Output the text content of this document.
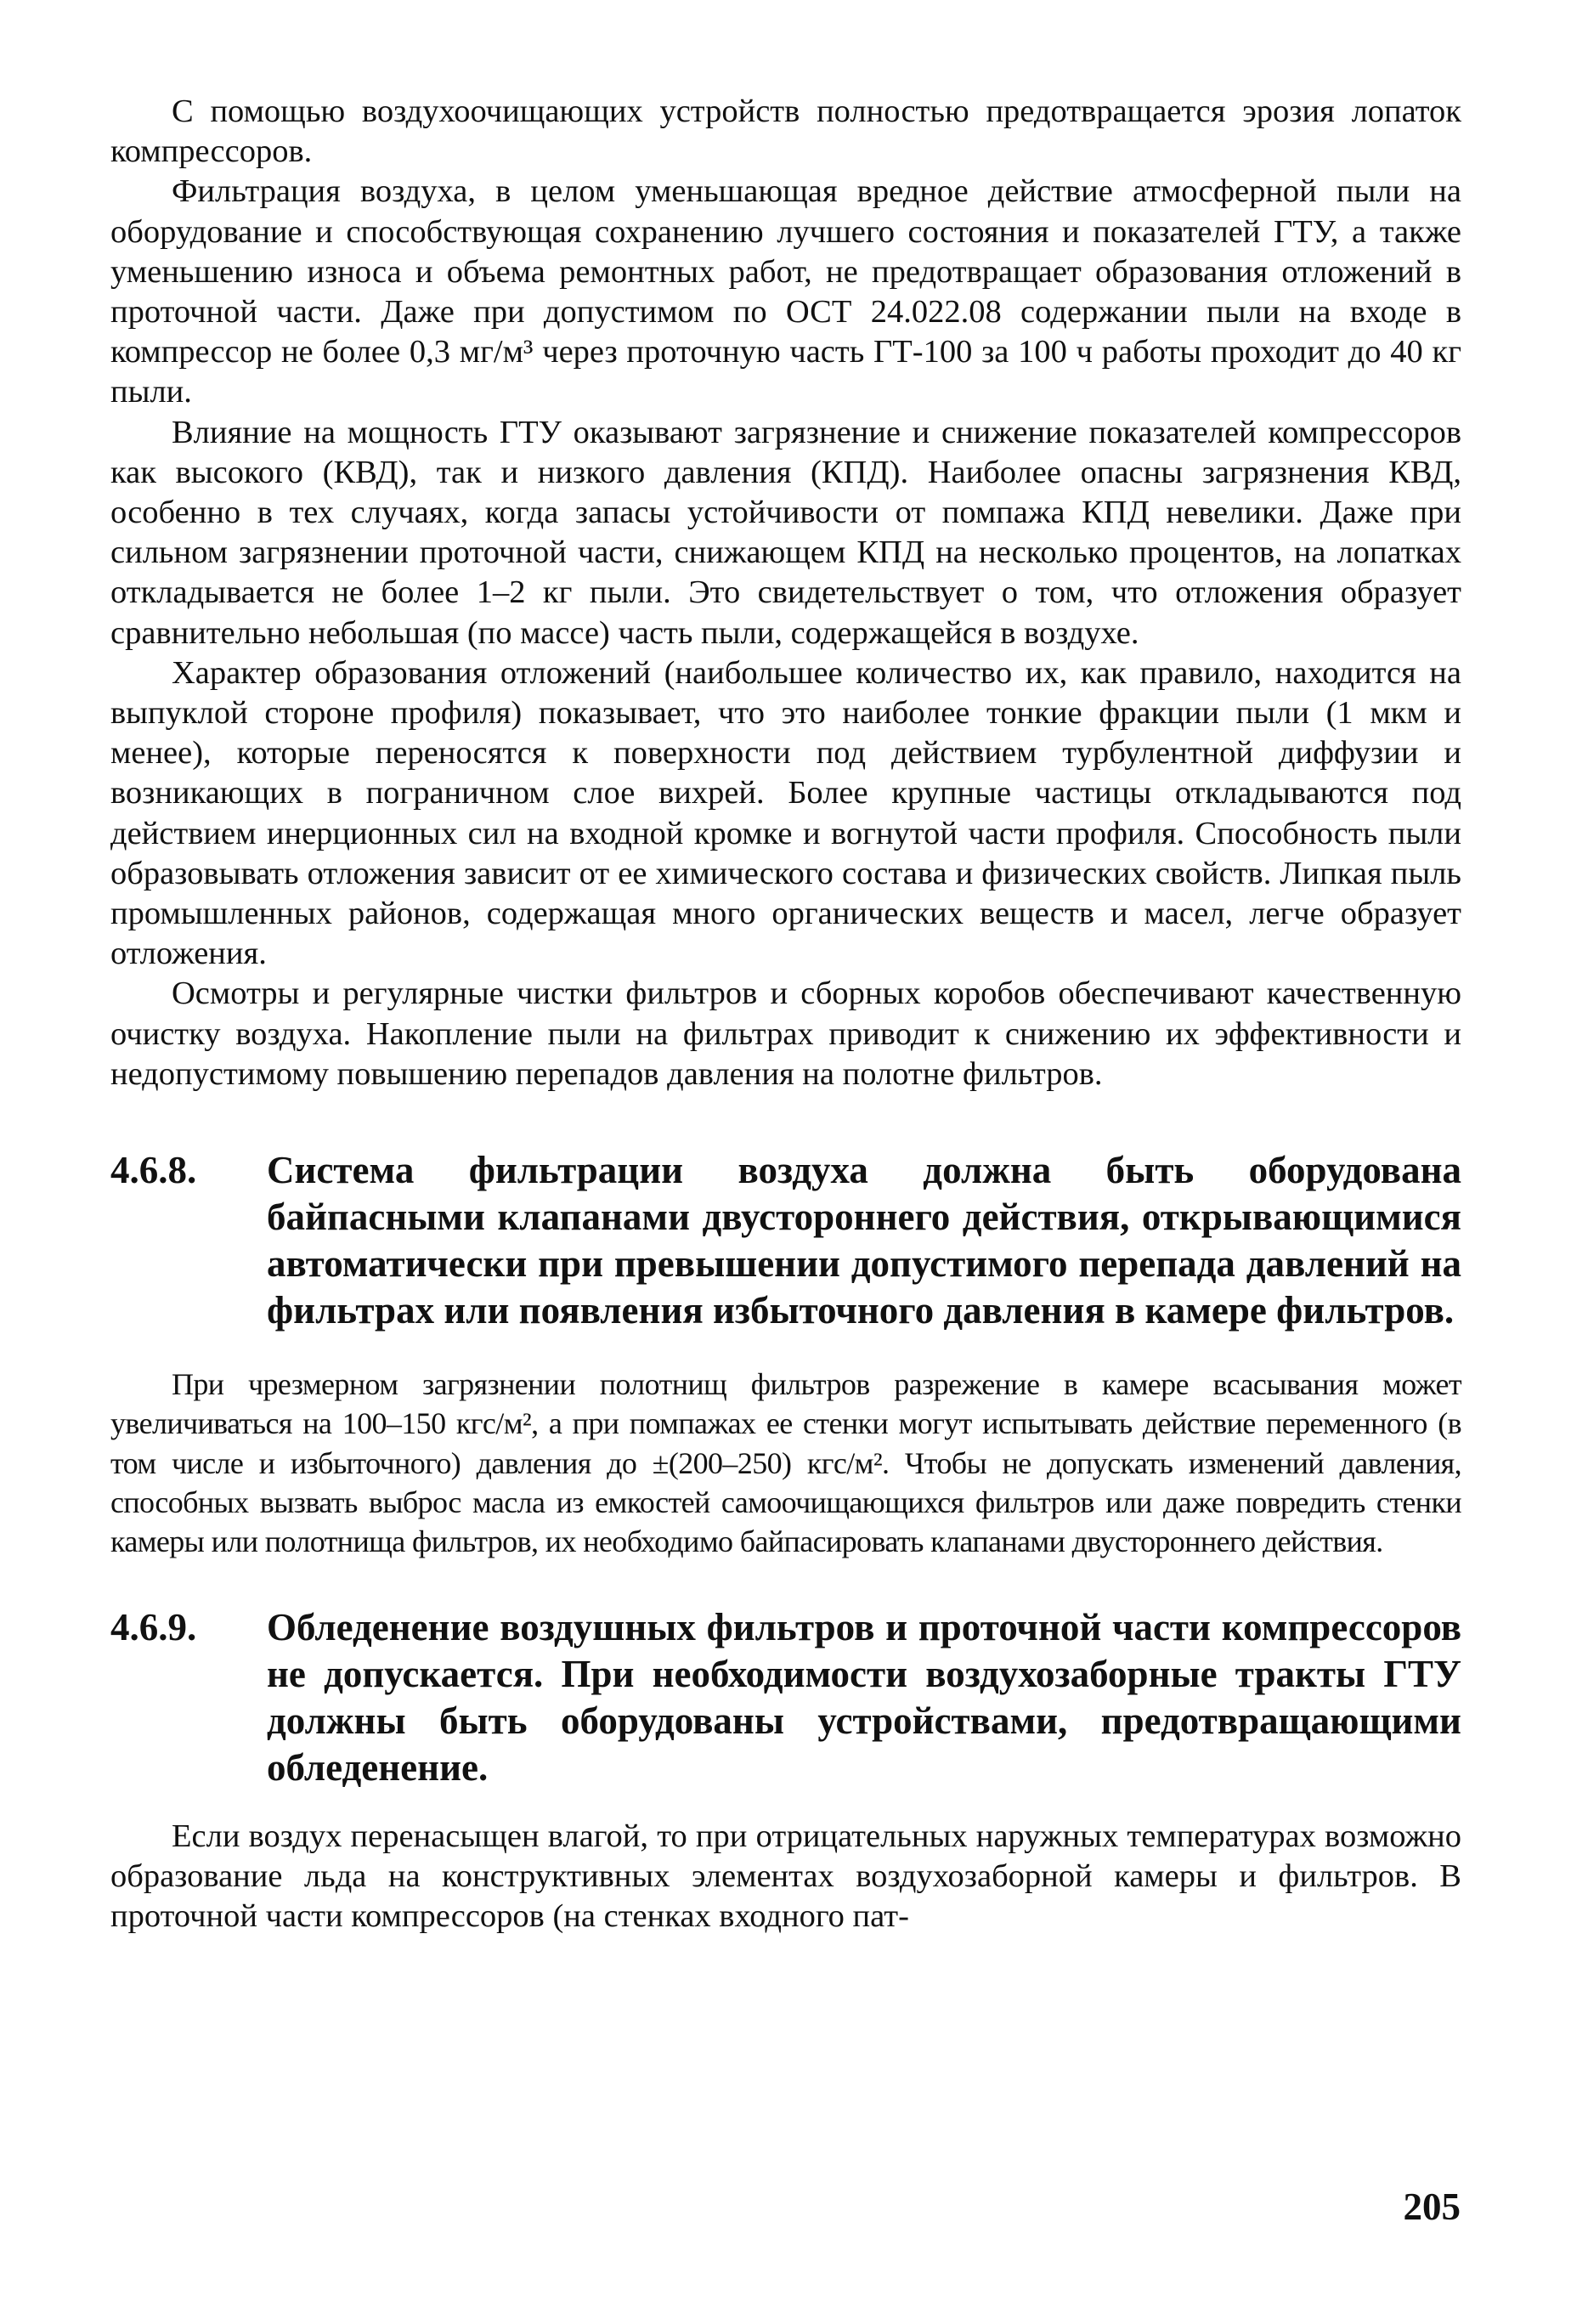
С помощью воздухоочищающих устройств полностью предотвращается эрозия лопаток компрессоров.

Фильтрация воздуха, в целом уменьшающая вредное действие атмосферной пыли на оборудование и способствующая сохранению лучшего состояния и показателей ГТУ, а также уменьшению износа и объема ремонтных работ, не предотвращает образования отложений в проточной части. Даже при допустимом по ОСТ 24.022.08 содержании пыли на входе в компрессор не более 0,3 мг/м³ через проточную часть ГТ-100 за 100 ч работы проходит до 40 кг пыли.

Влияние на мощность ГТУ оказывают загрязнение и снижение показателей компрессоров как высокого (КВД), так и низкого давления (КПД). Наиболее опасны загрязнения КВД, особенно в тех случаях, когда запасы устойчивости от помпажа КПД невелики. Даже при сильном загрязнении проточной части, снижающем КПД на несколько процентов, на лопатках откладывается не более 1–2 кг пыли. Это свидетельствует о том, что отложения образует сравнительно небольшая (по массе) часть пыли, содержащейся в воздухе.

Характер образования отложений (наибольшее количество их, как правило, находится на выпуклой стороне профиля) показывает, что это наиболее тонкие фракции пыли (1 мкм и менее), которые переносятся к поверхности под действием турбулентной диффузии и возникающих в пограничном слое вихрей. Более крупные частицы откладываются под действием инерционных сил на входной кромке и вогнутой части профиля. Способность пыли образовывать отложения зависит от ее химического состава и физических свойств. Липкая пыль промышленных районов, содержащая много органических веществ и масел, легче образует отложения.

Осмотры и регулярные чистки фильтров и сборных коробов обеспечивают качественную очистку воздуха. Накопление пыли на фильтрах приводит к снижению их эффективности и недопустимому повышению перепадов давления на полотне фильтров.

4.6.8.	Система фильтрации воздуха должна быть оборудована байпасными клапанами двустороннего действия, открывающимися автоматически при превышении допустимого перепада давлений на фильтрах или появления избыточного давления в камере фильтров.

При чрезмерном загрязнении полотнищ фильтров разрежение в камере всасывания может увеличиваться на 100–150 кгс/м², а при помпажах ее стенки могут испытывать действие переменного (в том числе и избыточного) давления до ±(200–250) кгс/м². Чтобы не допускать изменений давления, способных вызвать выброс масла из емкостей самоочищающихся фильтров или даже повредить стенки камеры или полотнища фильтров, их необходимо байпасировать клапанами двустороннего действия.

4.6.9.	Обледенение воздушных фильтров и проточной части компрессоров не допускается. При необходимости воздухозаборные тракты ГТУ должны быть оборудованы устройствами, предотвращающими обледенение.

Если воздух перенасыщен влагой, то при отрицательных наружных температурах возможно образование льда на конструктивных элементах воздухозаборной камеры и фильтров. В проточной части компрессоров (на стенках входного пат-

205
